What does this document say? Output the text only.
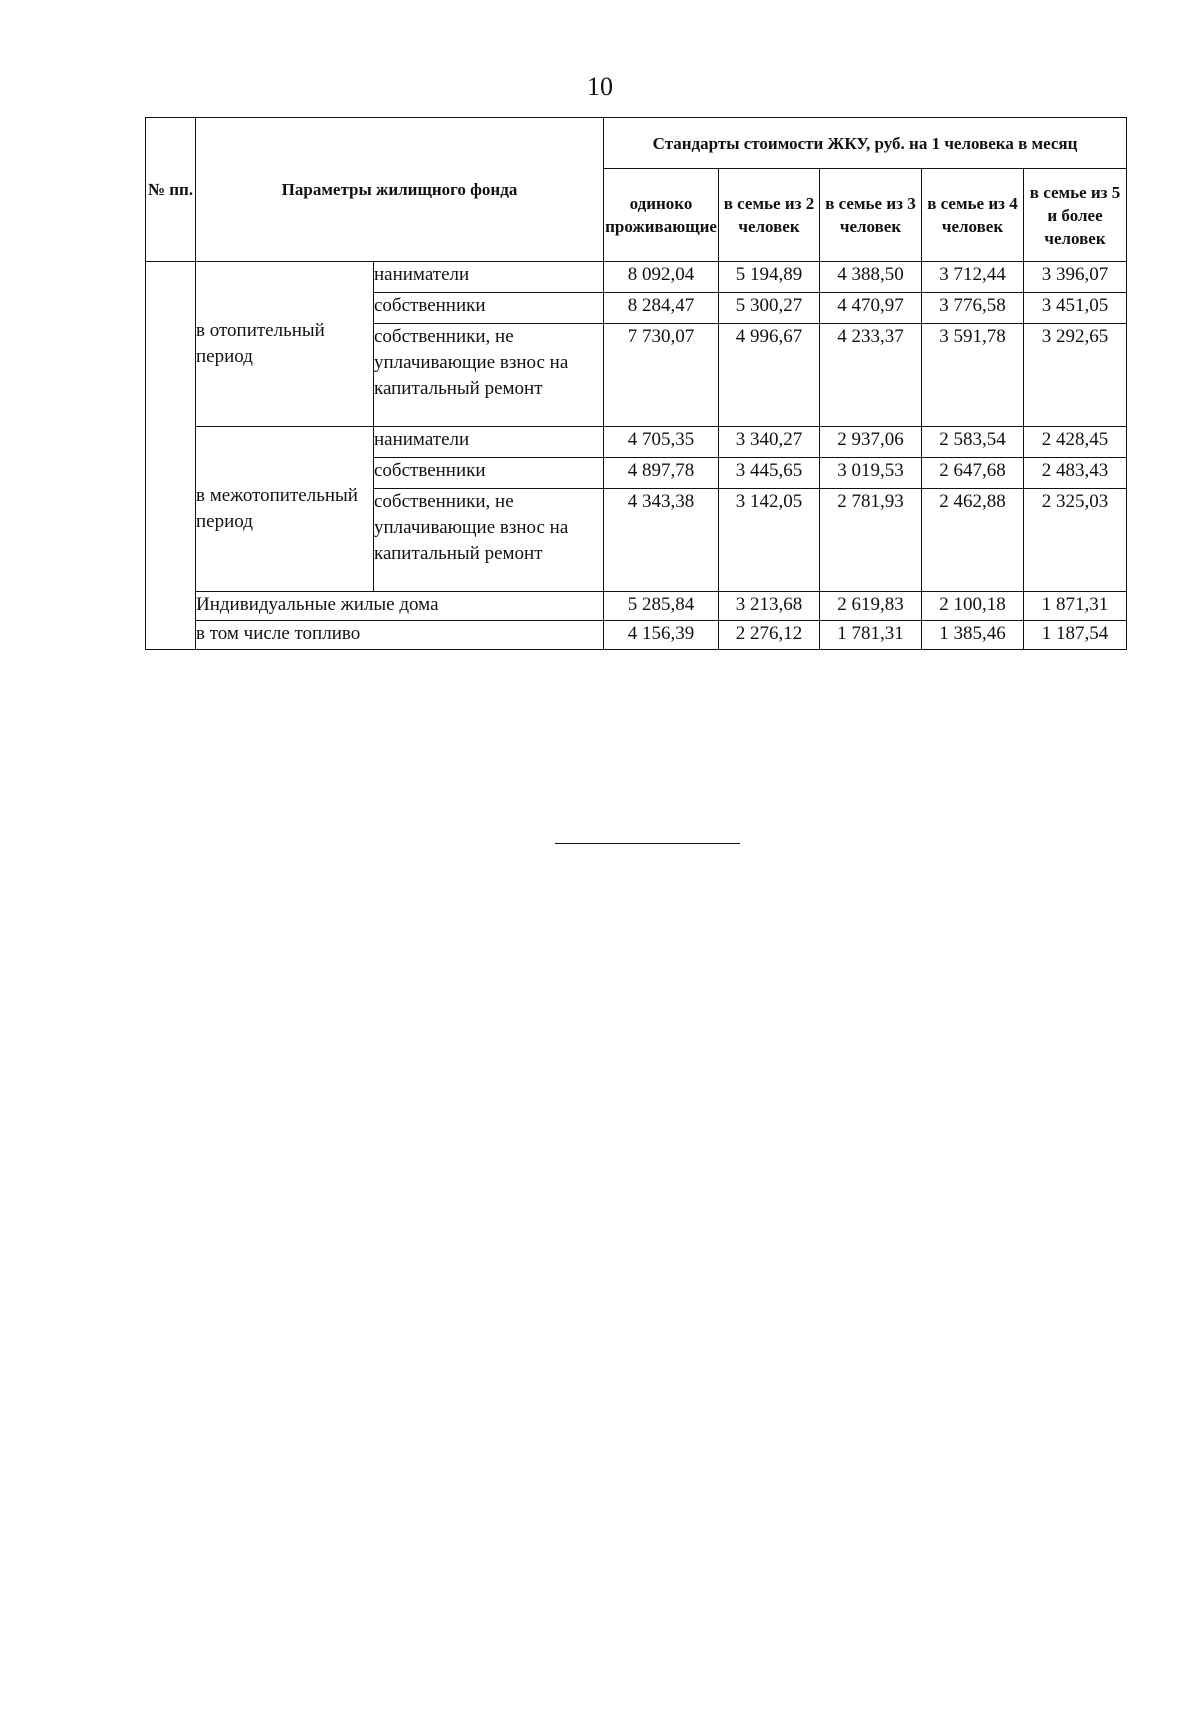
10
№ пп.	Параметры жилищного фонда		Стандарты стоимости ЖКУ, руб. на 1 человека в месяц				
			одиноко проживающие	в семье из 2 человек	в семье из 3 человек	в семье из 4 человек	в семье из 5 и более человек
	в отопительный период	наниматели	8 092,04	5 194,89	4 388,50	3 712,44	3 396,07
		собственники	8 284,47	5 300,27	4 470,97	3 776,58	3 451,05
		собственники, не уплачивающие взнос на капитальный ремонт	7 730,07	4 996,67	4 233,37	3 591,78	3 292,65
	в межотопительный период	наниматели	4 705,35	3 340,27	2 937,06	2 583,54	2 428,45
		собственники	4 897,78	3 445,65	3 019,53	2 647,68	2 483,43
		собственники, не уплачивающие взнос на капитальный ремонт	4 343,38	3 142,05	2 781,93	2 462,88	2 325,03
	Индивидуальные жилые дома		5 285,84	3 213,68	2 619,83	2 100,18	1 871,31
	в том числе топливо		4 156,39	2 276,12	1 781,31	1 385,46	1 187,54
